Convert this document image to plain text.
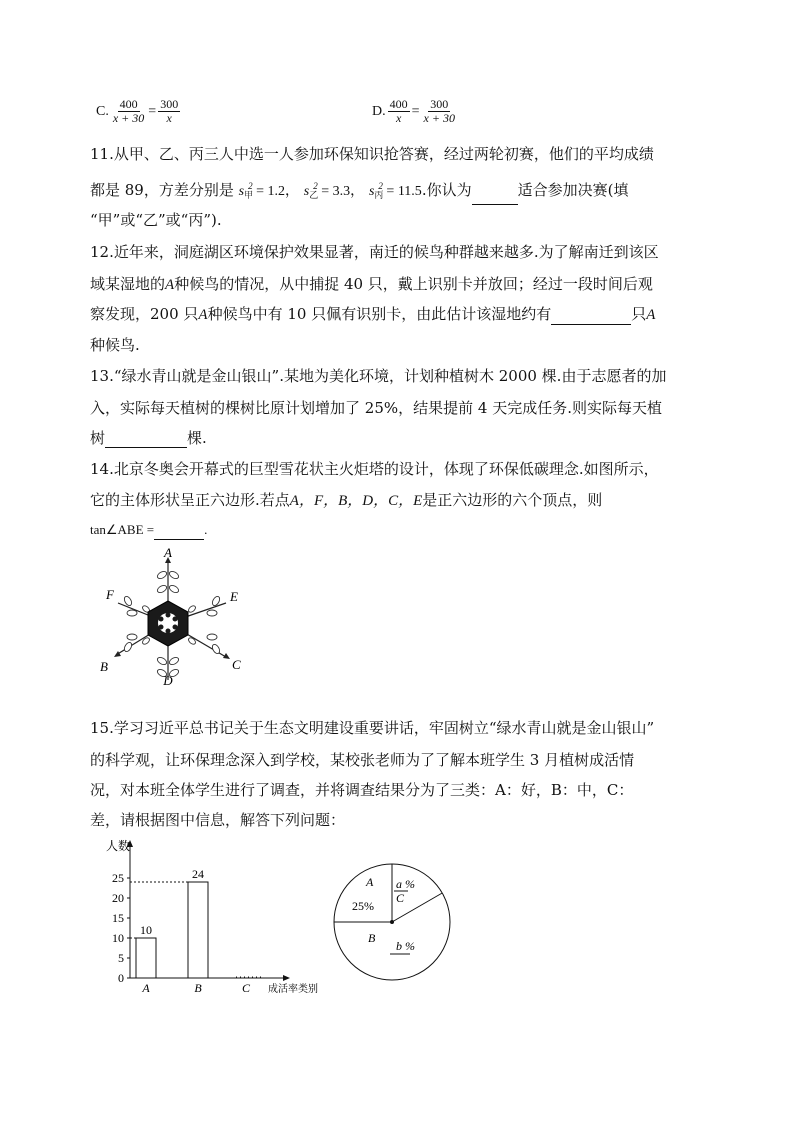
C. $\frac{400}{x + 30} = \frac{300}{x}$	D. $\frac{400}{x} = \frac{300}{x + 30}$
11.从甲、乙、丙三人中选一人参加环保知识抢答赛，经过两轮初赛，他们的平均成绩
都是 89，方差分别是 $s_甲^2 = 1.2$， $s_乙^2 = 3.3$， $s_丙^2 = 11.5$.你认为	适合参加决赛(填
“甲”或“乙”或“丙”).
12.近年来，洞庭湖区环境保护效果显著，南迁的候鸟种群越来越多.为了解南迁到该区
域某湿地的A种候鸟的情况，从中捕捉 40 只，戴上识别卡并放回；经过一段时间后观
察发现，200 只A种候鸟中有 10 只佩有识别卡，由此估计该湿地约有	只A
种候鸟.
13.“绿水青山就是金山银山”.某地为美化环境，计划种植树木 2000 棵.由于志愿者的加
入，实际每天植树的棵树比原计划增加了 25%，结果提前 4 天完成任务.则实际每天植
树	棵.
14.北京冬奥会开幕式的巨型雪花状主火炬塔的设计，体现了环保低碳理念.如图所示，
它的主体形状呈正六边形.若点A，F，B，D，C，E是正六边形的六个顶点，则
tan∠ABE =	.
A
F	E
B	C
D
15.学习习近平总书记关于生态文明建设重要讲话，牢固树立“绿水青山就是金山银山”
的科学观，让环保理念深入到学校，某校张老师为了了解本班学生 3 月植树成活情
况，对本班全体学生进行了调查，并将调查结果分为了三类：A：好，B：中，C：
差，请根据图中信息，解答下列问题：
人数
成活率类别
0
5
10
15
20
25
10
A
24
B	C
A
25%
B
a %
C
b %
